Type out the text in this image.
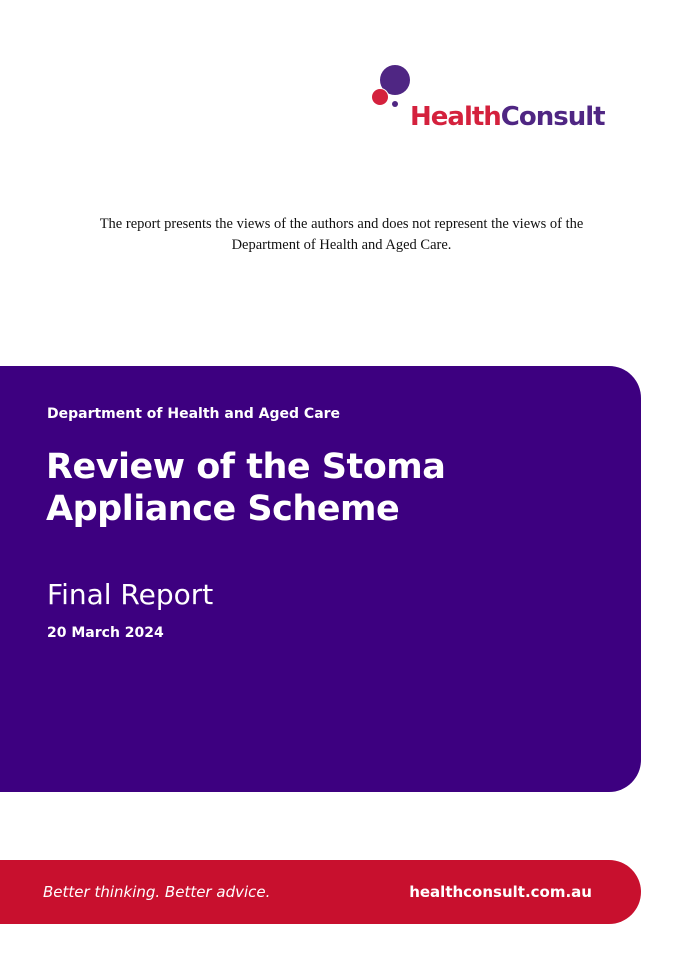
HealthConsult
The report presents the views of the authors and does not represent the views of the
Department of Health and Aged Care.
Department of Health and Aged Care
Review of the Stoma
Appliance Scheme
Final Report
20 March 2024
Better thinking. Better advice.	healthconsult.com.au
